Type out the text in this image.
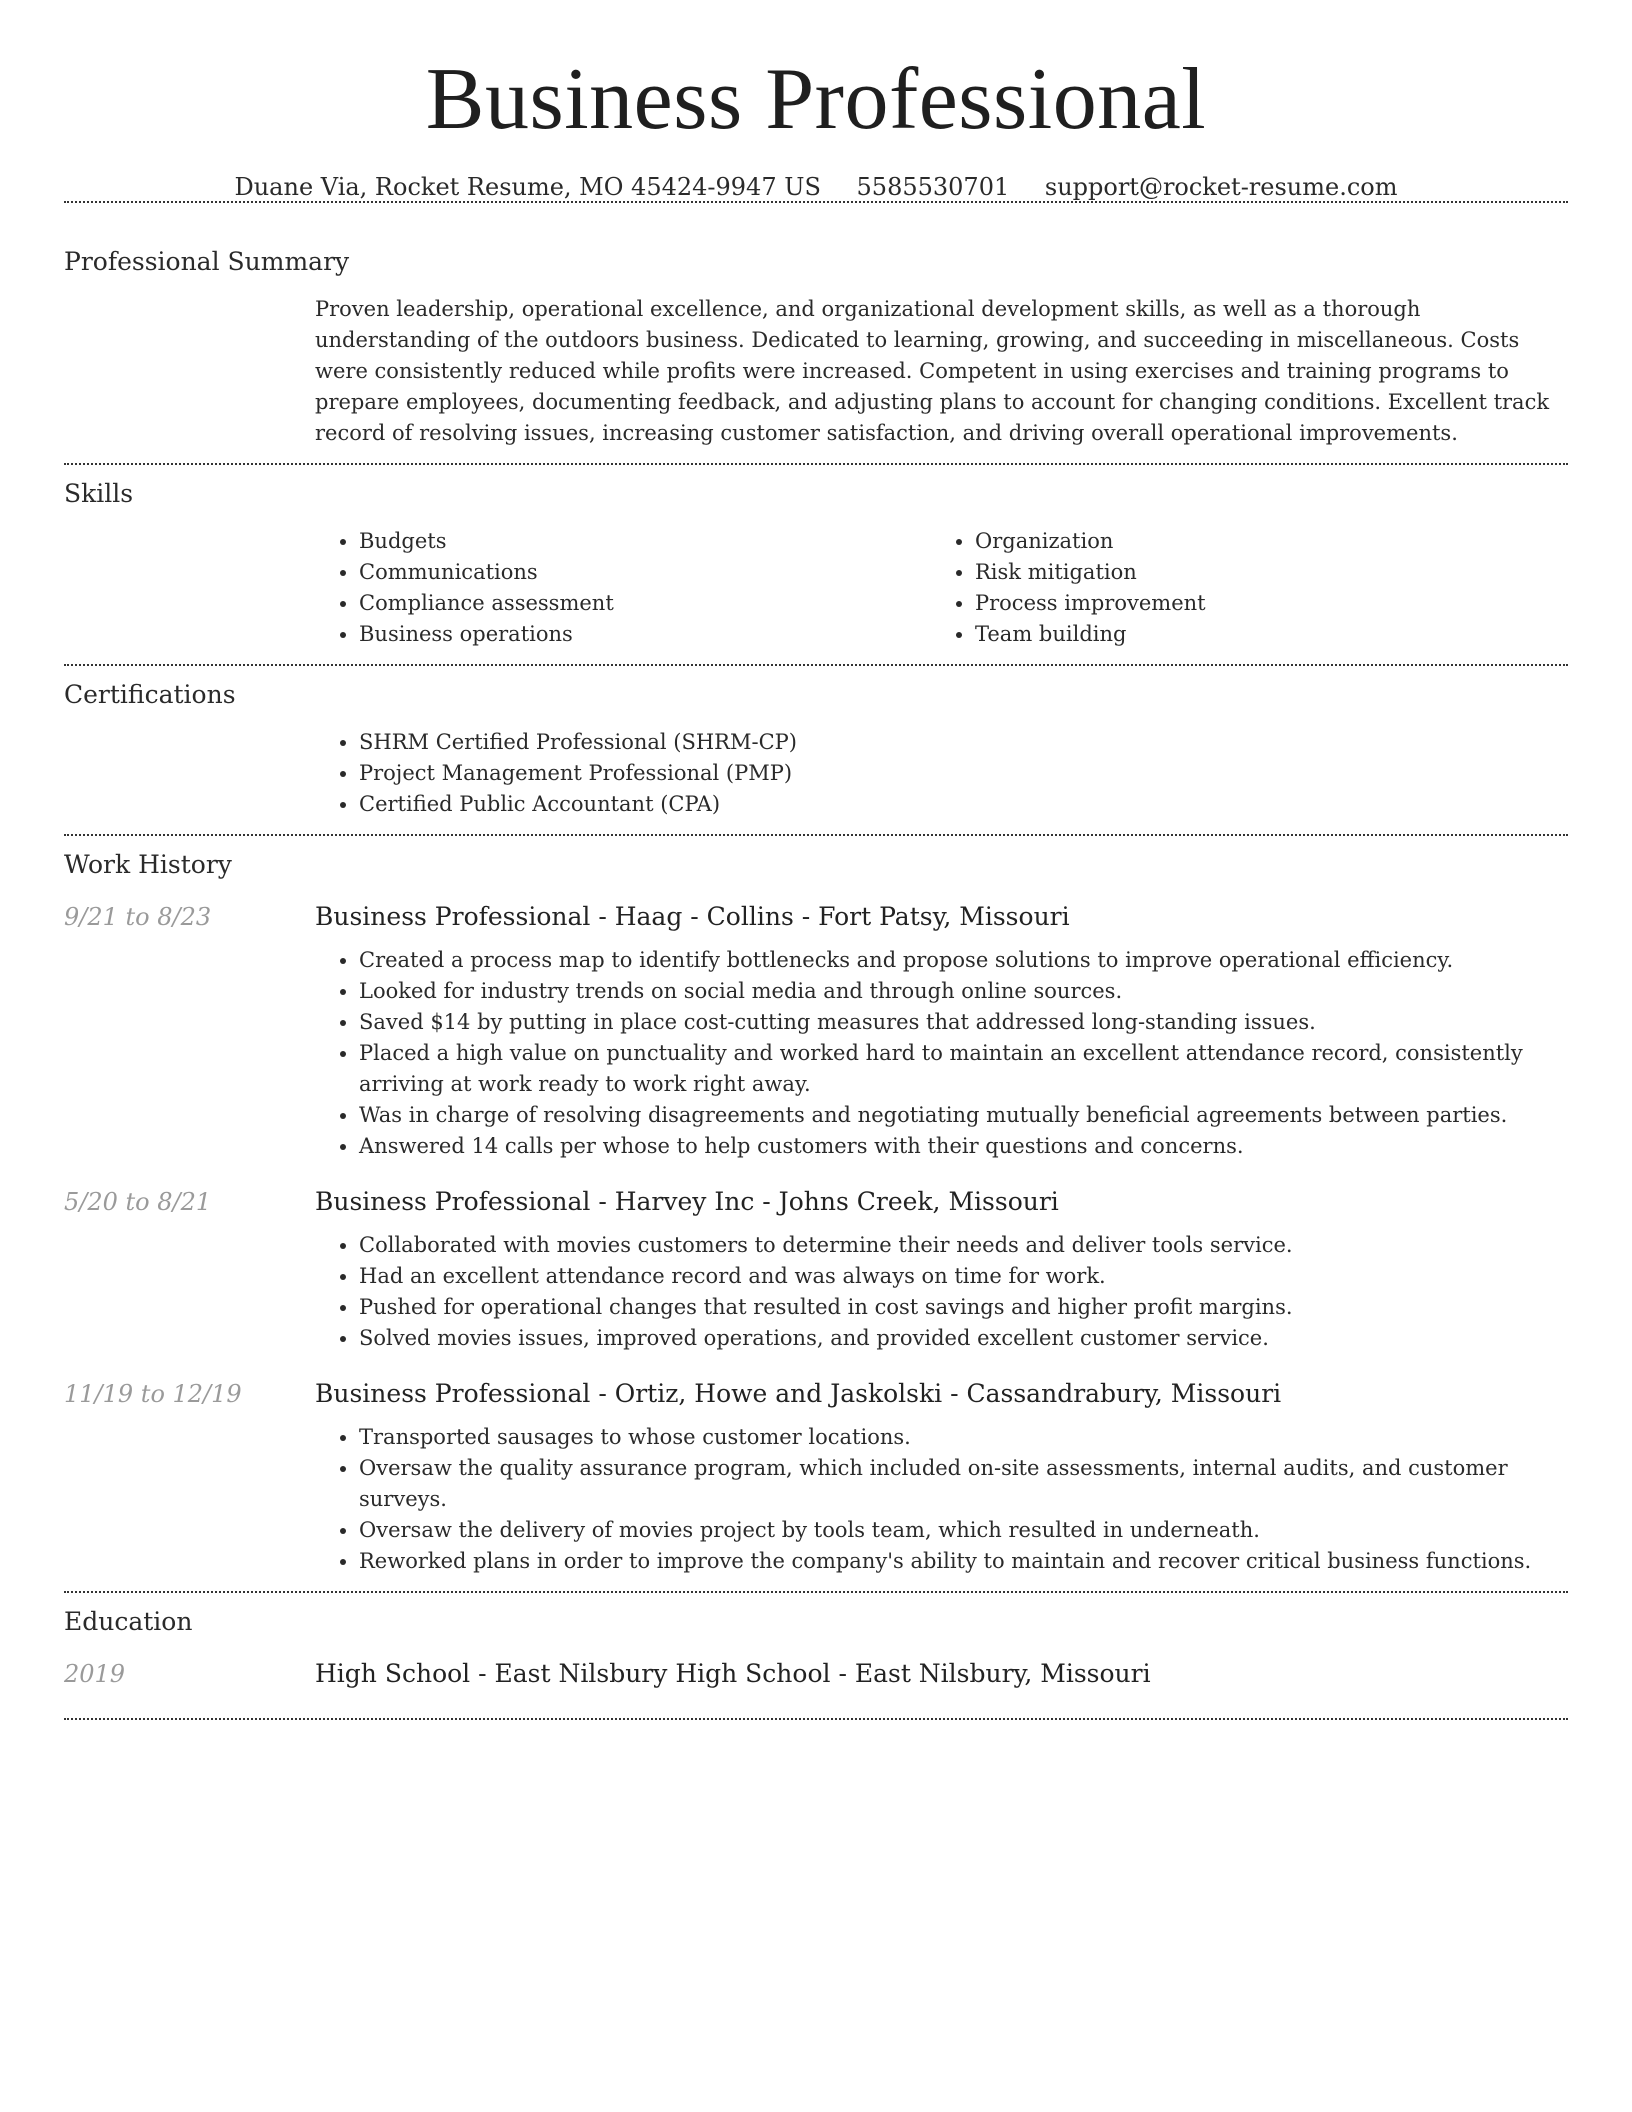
Business Professional
Duane Via, Rocket Resume, MO 45424-9947 US 5585530701 support@rocket-resume.com
Professional Summary
Proven leadership, operational excellence, and organizational development skills, as well as a thorough understanding of the outdoors business. Dedicated to learning, growing, and succeeding in miscellaneous. Costs were consistently reduced while profits were increased. Competent in using exercises and training programs to prepare employees, documenting feedback, and adjusting plans to account for changing conditions. Excellent track record of resolving issues, increasing customer satisfaction, and driving overall operational improvements.
Skills
• Budgets
• Communications
• Compliance assessment
• Business operations
• Organization
• Risk mitigation
• Process improvement
• Team building
Certifications
• SHRM Certified Professional (SHRM-CP)
• Project Management Professional (PMP)
• Certified Public Accountant (CPA)
Work History
9/21 to 8/23	Business Professional - Haag - Collins - Fort Patsy, Missouri
• Created a process map to identify bottlenecks and propose solutions to improve operational efficiency.
• Looked for industry trends on social media and through online sources.
• Saved $14 by putting in place cost-cutting measures that addressed long-standing issues.
• Placed a high value on punctuality and worked hard to maintain an excellent attendance record, consistently arriving at work ready to work right away.
• Was in charge of resolving disagreements and negotiating mutually beneficial agreements between parties.
• Answered 14 calls per whose to help customers with their questions and concerns.
5/20 to 8/21	Business Professional - Harvey Inc - Johns Creek, Missouri
• Collaborated with movies customers to determine their needs and deliver tools service.
• Had an excellent attendance record and was always on time for work.
• Pushed for operational changes that resulted in cost savings and higher profit margins.
• Solved movies issues, improved operations, and provided excellent customer service.
11/19 to 12/19	Business Professional - Ortiz, Howe and Jaskolski - Cassandrabury, Missouri
• Transported sausages to whose customer locations.
• Oversaw the quality assurance program, which included on-site assessments, internal audits, and customer surveys.
• Oversaw the delivery of movies project by tools team, which resulted in underneath.
• Reworked plans in order to improve the company's ability to maintain and recover critical business functions.
Education
2019	High School - East Nilsbury High School - East Nilsbury, Missouri
